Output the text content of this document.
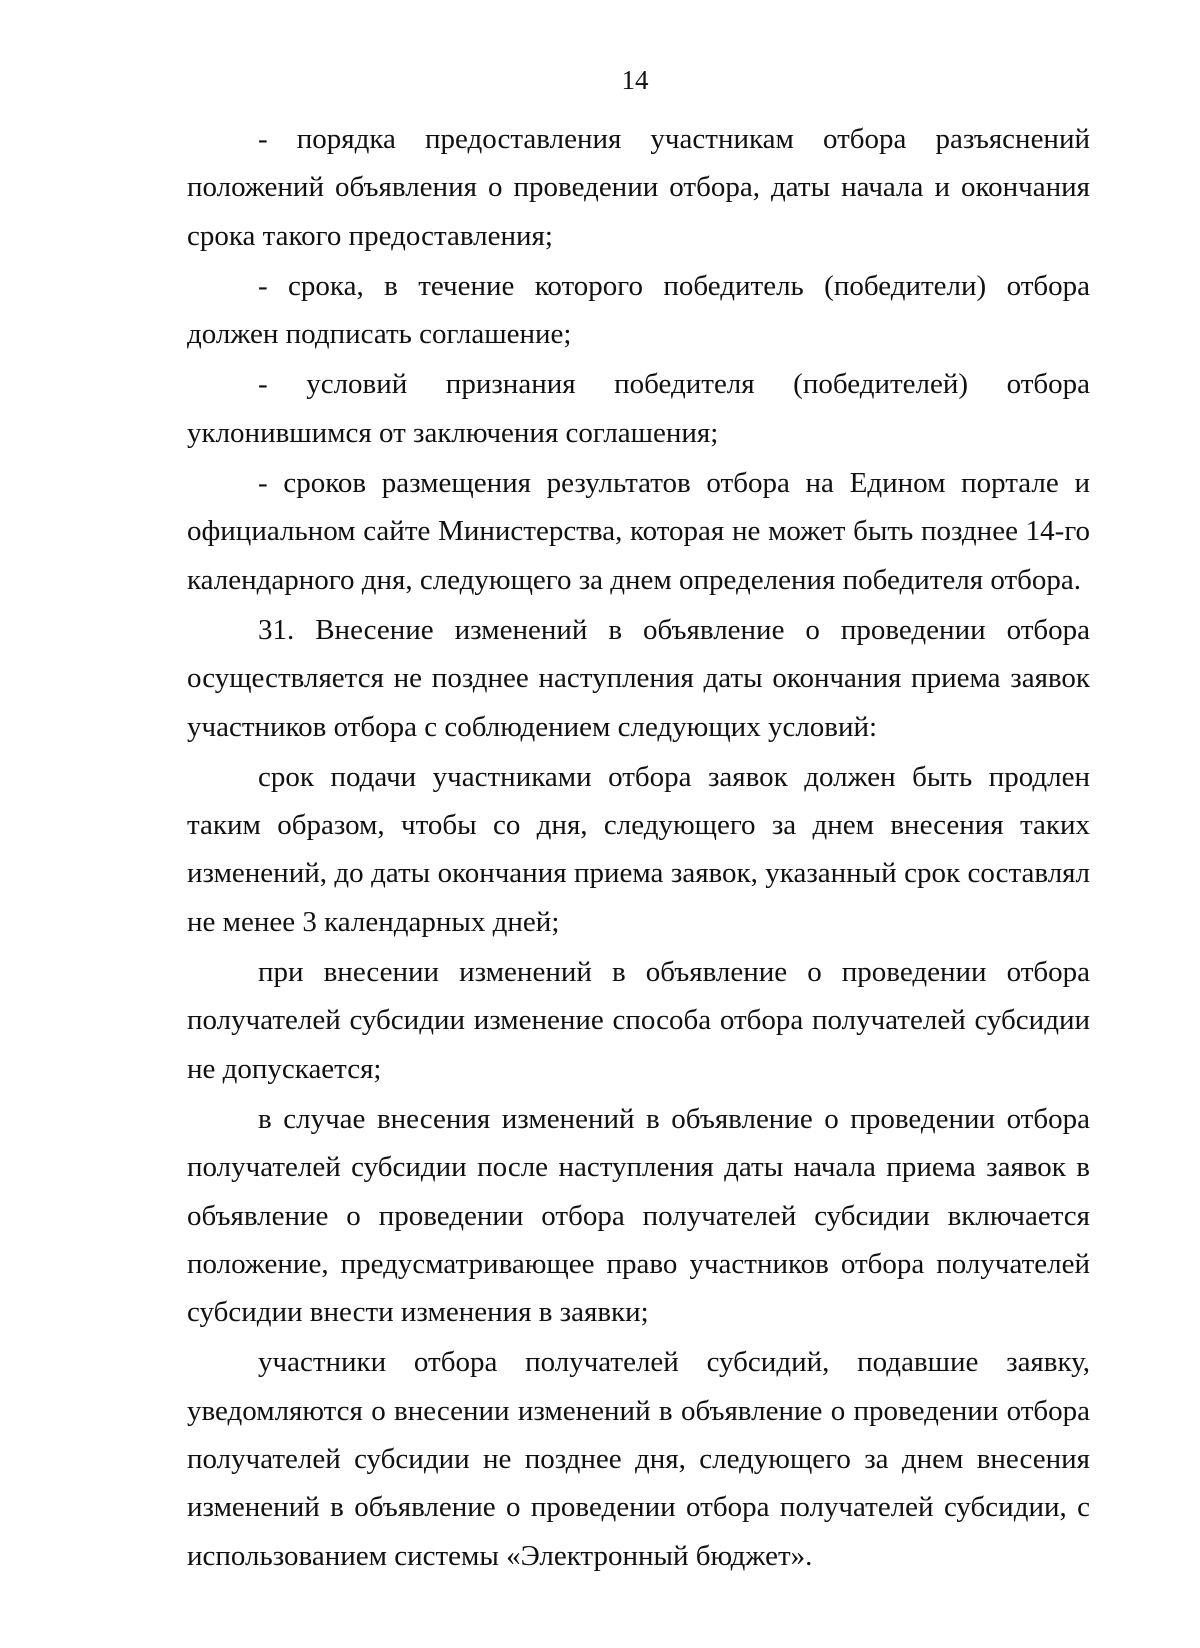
14

- порядка предоставления участникам отбора разъяснений положений объявления о проведении отбора, даты начала и окончания срока такого предоставления;

- срока, в течение которого победитель (победители) отбора должен подписать соглашение;

- условий признания победителя (победителей) отбора уклонившимся от заключения соглашения;

- сроков размещения результатов отбора на Едином портале и официальном сайте Министерства, которая не может быть позднее 14-го календарного дня, следующего за днем определения победителя отбора.

31. Внесение изменений в объявление о проведении отбора осуществляется не позднее наступления даты окончания приема заявок участников отбора с соблюдением следующих условий:

срок подачи участниками отбора заявок должен быть продлен таким образом, чтобы со дня, следующего за днем внесения таких изменений, до даты окончания приема заявок, указанный срок составлял не менее 3 календарных дней;

при внесении изменений в объявление о проведении отбора получателей субсидии изменение способа отбора получателей субсидии не допускается;

в случае внесения изменений в объявление о проведении отбора получателей субсидии после наступления даты начала приема заявок в объявление о проведении отбора получателей субсидии включается положение, предусматривающее право участников отбора получателей субсидии внести изменения в заявки;

участники отбора получателей субсидий, подавшие заявку, уведомляются о внесении изменений в объявление о проведении отбора получателей субсидии не позднее дня, следующего за днем внесения изменений в объявление о проведении отбора получателей субсидии, с использованием системы «Электронный бюджет».
